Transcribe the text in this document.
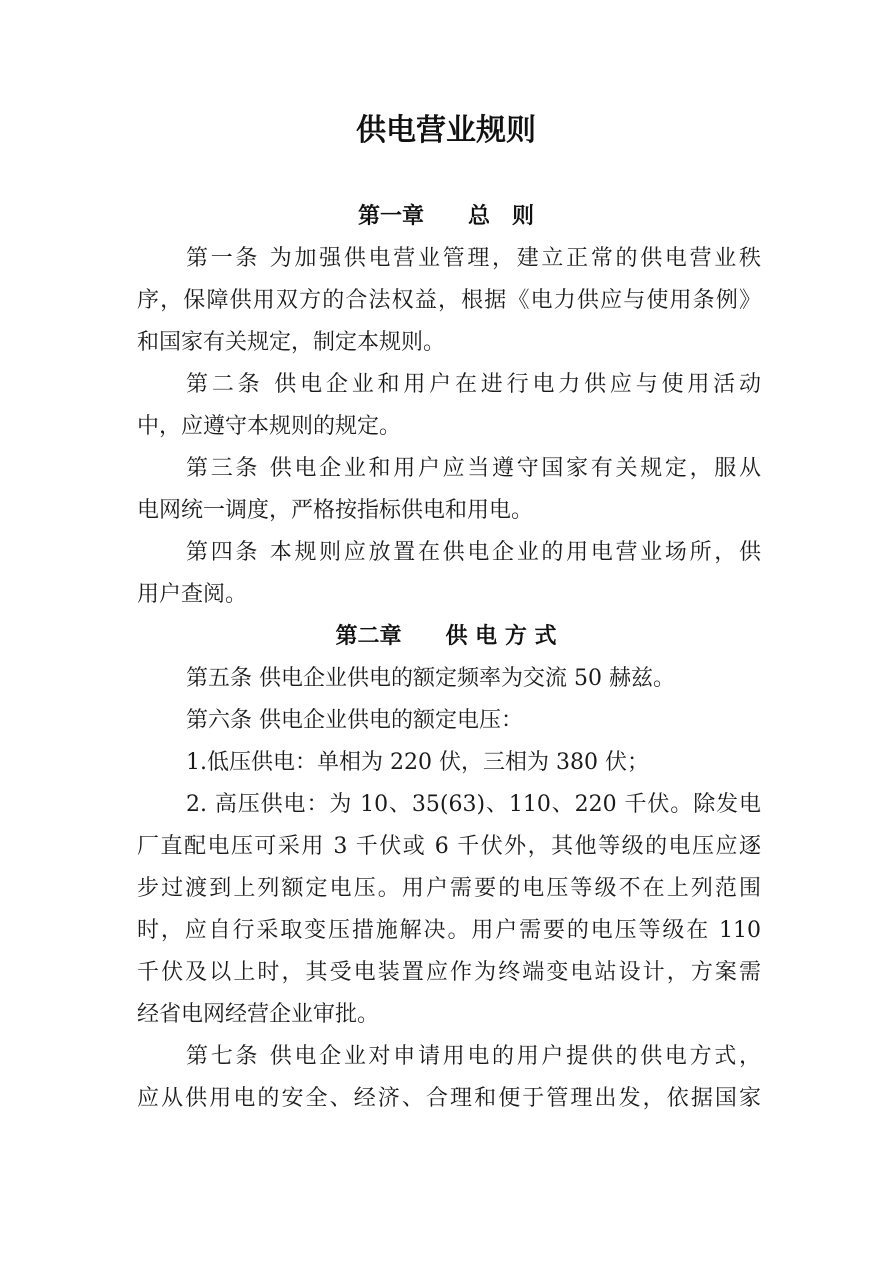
供电营业规则
第一章　　总　则
第一条 为加强供电营业管理，建立正常的供电营业秩
序，保障供用双方的合法权益，根据《电力供应与使用条例》
和国家有关规定，制定本规则。
第二条 供电企业和用户在进行电力供应与使用活动
中，应遵守本规则的规定。
第三条 供电企业和用户应当遵守国家有关规定，服从
电网统一调度，严格按指标供电和用电。
第四条 本规则应放置在供电企业的用电营业场所，供
用户查阅。
第二章　　供 电 方 式
第五条 供电企业供电的额定频率为交流 50 赫兹。
第六条 供电企业供电的额定电压：
1.低压供电：单相为 220 伏，三相为 380 伏；
2. 高压供电：为 10、35(63)、110、220 千伏。除发电
厂直配电压可采用 3 千伏或 6 千伏外，其他等级的电压应逐
步过渡到上列额定电压。用户需要的电压等级不在上列范围
时，应自行采取变压措施解决。用户需要的电压等级在 110
千伏及以上时，其受电装置应作为终端变电站设计，方案需
经省电网经营企业审批。
第七条 供电企业对申请用电的用户提供的供电方式，
应从供用电的安全、经济、合理和便于管理出发，依据国家
